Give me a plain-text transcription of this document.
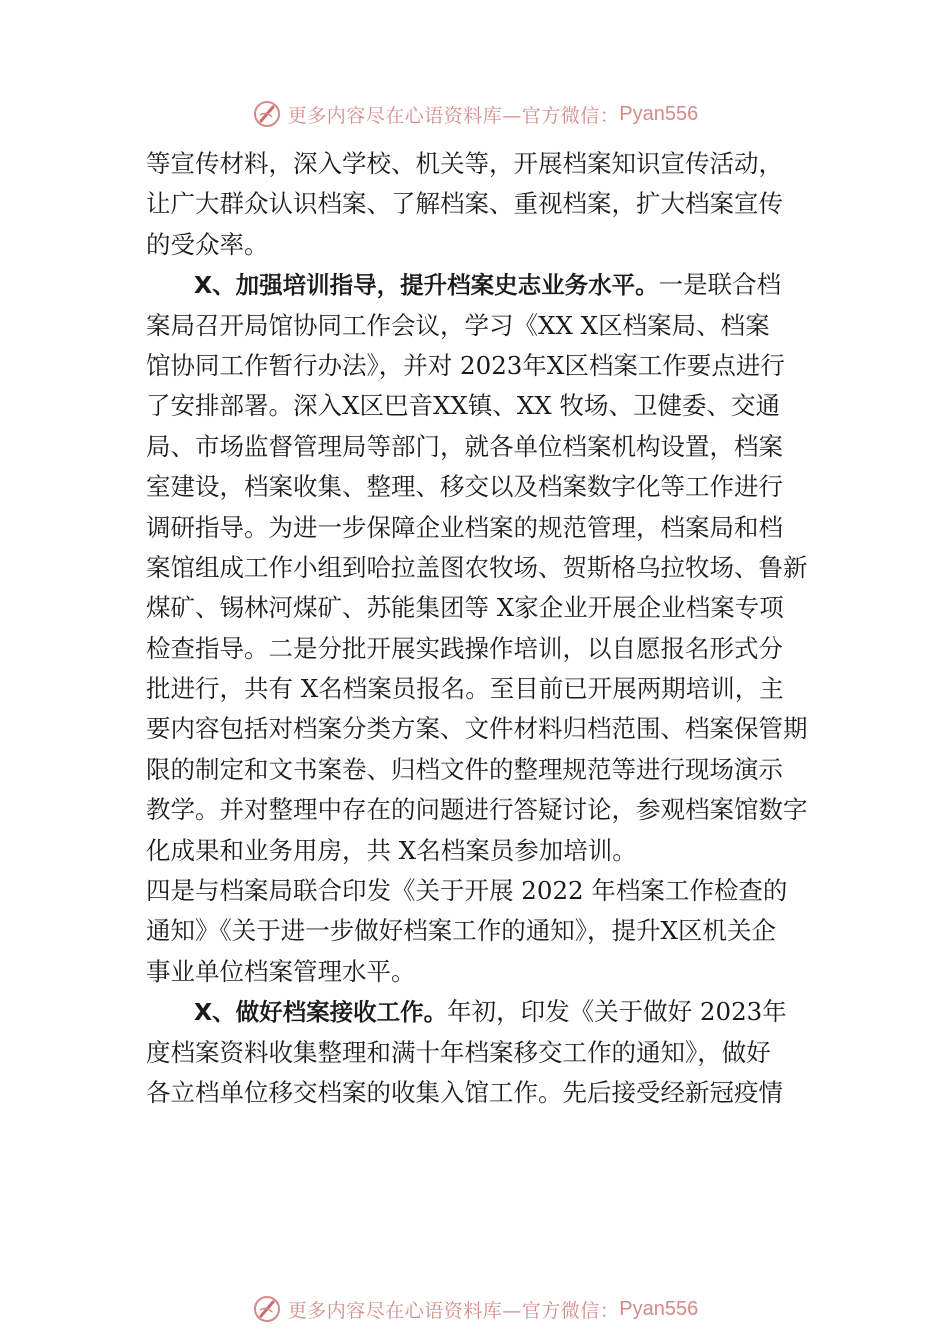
更多内容尽在心语资料库—官方微信： Pyan556
等宣传材料，深入学校、机关等，开展档案知识宣传活动，
让广大群众认识档案、了解档案、重视档案，扩大档案宣传
的受众率。
X、加强培训指导，提升档案史志业务水平。一是联合档
案局召开局馆协同工作会议，学习《XX X区档案局、档案
馆协同工作暂行办法》，并对 2023年X区档案工作要点进行
了安排部署。深入X区巴音XX镇、XX 牧场、卫健委、交通
局、市场监督管理局等部门，就各单位档案机构设置，档案
室建设，档案收集、整理、移交以及档案数字化等工作进行
调研指导。为进一步保障企业档案的规范管理，档案局和档
案馆组成工作小组到哈拉盖图农牧场、贺斯格乌拉牧场、鲁新
煤矿、锡林河煤矿、苏能集团等 X家企业开展企业档案专项
检查指导。二是分批开展实践操作培训，以自愿报名形式分
批进行，共有 X名档案员报名。至目前已开展两期培训，主
要内容包括对档案分类方案、文件材料归档范围、档案保管期
限的制定和文书案卷、归档文件的整理规范等进行现场演示
教学。并对整理中存在的问题进行答疑讨论，参观档案馆数字
化成果和业务用房，共 X名档案员参加培训。
四是与档案局联合印发《关于开展 2022 年档案工作检查的
通知》《关于进一步做好档案工作的通知》，提升X区机关企
事业单位档案管理水平。
X、做好档案接收工作。年初，印发《关于做好 2023年
度档案资料收集整理和满十年档案移交工作的通知》，做好
各立档单位移交档案的收集入馆工作。先后接受经新冠疫情
更多内容尽在心语资料库—官方微信： Pyan556
